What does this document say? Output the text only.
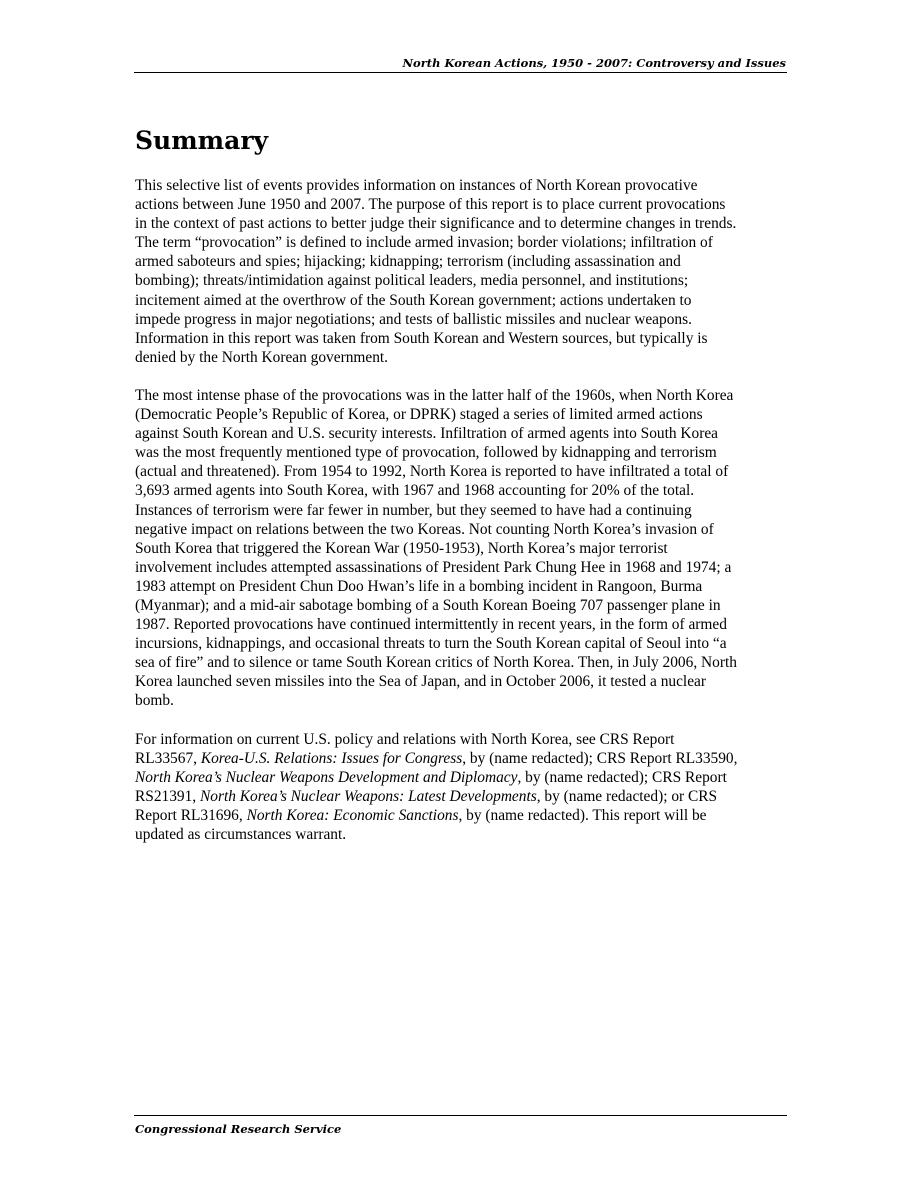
North Korean Actions, 1950 - 2007: Controversy and Issues
Summary

This selective list of events provides information on instances of North Korean provocative
actions between June 1950 and 2007. The purpose of this report is to place current provocations
in the context of past actions to better judge their significance and to determine changes in trends.
The term “provocation” is defined to include armed invasion; border violations; infiltration of
armed saboteurs and spies; hijacking; kidnapping; terrorism (including assassination and
bombing); threats/intimidation against political leaders, media personnel, and institutions;
incitement aimed at the overthrow of the South Korean government; actions undertaken to
impede progress in major negotiations; and tests of ballistic missiles and nuclear weapons.
Information in this report was taken from South Korean and Western sources, but typically is
denied by the North Korean government.

The most intense phase of the provocations was in the latter half of the 1960s, when North Korea
(Democratic People’s Republic of Korea, or DPRK) staged a series of limited armed actions
against South Korean and U.S. security interests. Infiltration of armed agents into South Korea
was the most frequently mentioned type of provocation, followed by kidnapping and terrorism
(actual and threatened). From 1954 to 1992, North Korea is reported to have infiltrated a total of
3,693 armed agents into South Korea, with 1967 and 1968 accounting for 20% of the total.
Instances of terrorism were far fewer in number, but they seemed to have had a continuing
negative impact on relations between the two Koreas. Not counting North Korea’s invasion of
South Korea that triggered the Korean War (1950-1953), North Korea’s major terrorist
involvement includes attempted assassinations of President Park Chung Hee in 1968 and 1974; a
1983 attempt on President Chun Doo Hwan’s life in a bombing incident in Rangoon, Burma
(Myanmar); and a mid-air sabotage bombing of a South Korean Boeing 707 passenger plane in
1987. Reported provocations have continued intermittently in recent years, in the form of armed
incursions, kidnappings, and occasional threats to turn the South Korean capital of Seoul into “a
sea of fire” and to silence or tame South Korean critics of North Korea. Then, in July 2006, North
Korea launched seven missiles into the Sea of Japan, and in October 2006, it tested a nuclear
bomb.

For information on current U.S. policy and relations with North Korea, see CRS Report
RL33567, Korea-U.S. Relations: Issues for Congress, by (name redacted); CRS Report RL33590,
North Korea’s Nuclear Weapons Development and Diplomacy, by (name redacted); CRS Report
RS21391, North Korea’s Nuclear Weapons: Latest Developments, by (name redacted); or CRS
Report RL31696, North Korea: Economic Sanctions, by (name redacted). This report will be
updated as circumstances warrant.

Congressional Research Service
